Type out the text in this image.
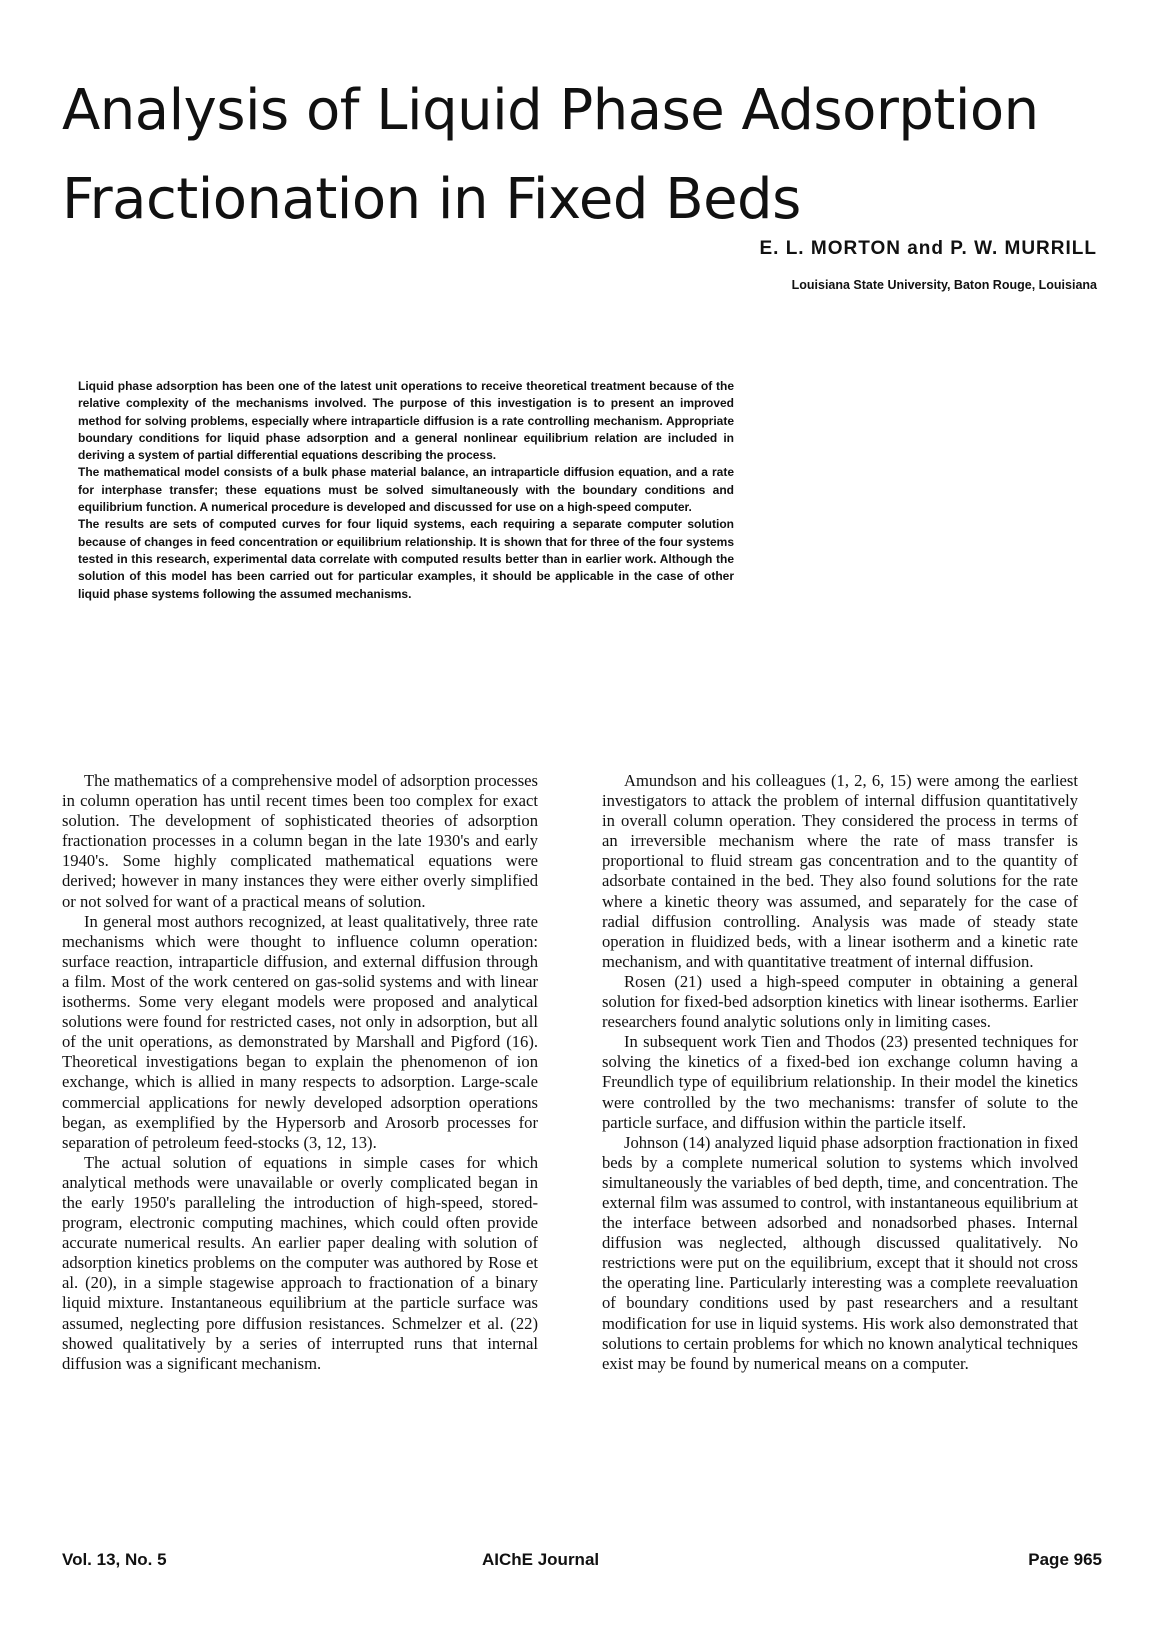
Analysis of Liquid Phase Adsorption
Fractionation in Fixed Beds
E. L. MORTON and P. W. MURRILL
Louisiana State University, Baton Rouge, Louisiana

Liquid phase adsorption has been one of the latest unit operations to receive theoretical treatment because of the relative complexity of the mechanisms involved. The purpose of this investigation is to present an improved method for solving problems, especially where intraparticle diffusion is a rate controlling mechanism. Appropriate boundary conditions for liquid phase adsorption and a general nonlinear equilibrium relation are included in deriving a system of partial differential equations describing the process.

The mathematical model consists of a bulk phase material balance, an intraparticle diffusion equation, and a rate for interphase transfer; these equations must be solved simultaneously with the boundary conditions and equilibrium function. A numerical procedure is developed and discussed for use on a high-speed computer.

The results are sets of computed curves for four liquid systems, each requiring a separate computer solution because of changes in feed concentration or equilibrium relationship. It is shown that for three of the four systems tested in this research, experimental data correlate with computed results better than in earlier work. Although the solution of this model has been carried out for particular examples, it should be applicable in the case of other liquid phase systems following the assumed mechanisms.

The mathematics of a comprehensive model of adsorption processes in column operation has until recent times been too complex for exact solution. The development of sophisticated theories of adsorption fractionation processes in a column began in the late 1930's and early 1940's. Some highly complicated mathematical equations were derived; however in many instances they were either overly simplified or not solved for want of a practical means of solution.

In general most authors recognized, at least qualitatively, three rate mechanisms which were thought to influence column operation: surface reaction, intraparticle diffusion, and external diffusion through a film. Most of the work centered on gas-solid systems and with linear isotherms. Some very elegant models were proposed and analytical solutions were found for restricted cases, not only in adsorption, but all of the unit operations, as demonstrated by Marshall and Pigford (16). Theoretical investigations began to explain the phenomenon of ion exchange, which is allied in many respects to adsorption. Large-scale commercial applications for newly developed adsorption operations began, as exemplified by the Hypersorb and Arosorb processes for separation of petroleum feed-stocks (3, 12, 13).

The actual solution of equations in simple cases for which analytical methods were unavailable or overly complicated began in the early 1950's paralleling the introduction of high-speed, stored-program, electronic computing machines, which could often provide accurate numerical results. An earlier paper dealing with solution of adsorption kinetics problems on the computer was authored by Rose et al. (20), in a simple stagewise approach to fractionation of a binary liquid mixture. Instantaneous equilibrium at the particle surface was assumed, neglecting pore diffusion resistances. Schmelzer et al. (22) showed qualitatively by a series of interrupted runs that internal diffusion was a significant mechanism.

Amundson and his colleagues (1, 2, 6, 15) were among the earliest investigators to attack the problem of internal diffusion quantitatively in overall column operation. They considered the process in terms of an irreversible mechanism where the rate of mass transfer is proportional to fluid stream gas concentration and to the quantity of adsorbate contained in the bed. They also found solutions for the rate where a kinetic theory was assumed, and separately for the case of radial diffusion controlling. Analysis was made of steady state operation in fluidized beds, with a linear isotherm and a kinetic rate mechanism, and with quantitative treatment of internal diffusion.

Rosen (21) used a high-speed computer in obtaining a general solution for fixed-bed adsorption kinetics with linear isotherms. Earlier researchers found analytic solutions only in limiting cases.

In subsequent work Tien and Thodos (23) presented techniques for solving the kinetics of a fixed-bed ion exchange column having a Freundlich type of equilibrium relationship. In their model the kinetics were controlled by the two mechanisms: transfer of solute to the particle surface, and diffusion within the particle itself.

Johnson (14) analyzed liquid phase adsorption fractionation in fixed beds by a complete numerical solution to systems which involved simultaneously the variables of bed depth, time, and concentration. The external film was assumed to control, with instantaneous equilibrium at the interface between adsorbed and nonadsorbed phases. Internal diffusion was neglected, although discussed qualitatively. No restrictions were put on the equilibrium, except that it should not cross the operating line. Particularly interesting was a complete reevaluation of boundary conditions used by past researchers and a resultant modification for use in liquid systems. His work also demonstrated that solutions to certain problems for which no known analytical techniques exist may be found by numerical means on a computer.

Vol. 13, No. 5	AIChE Journal	Page 965
